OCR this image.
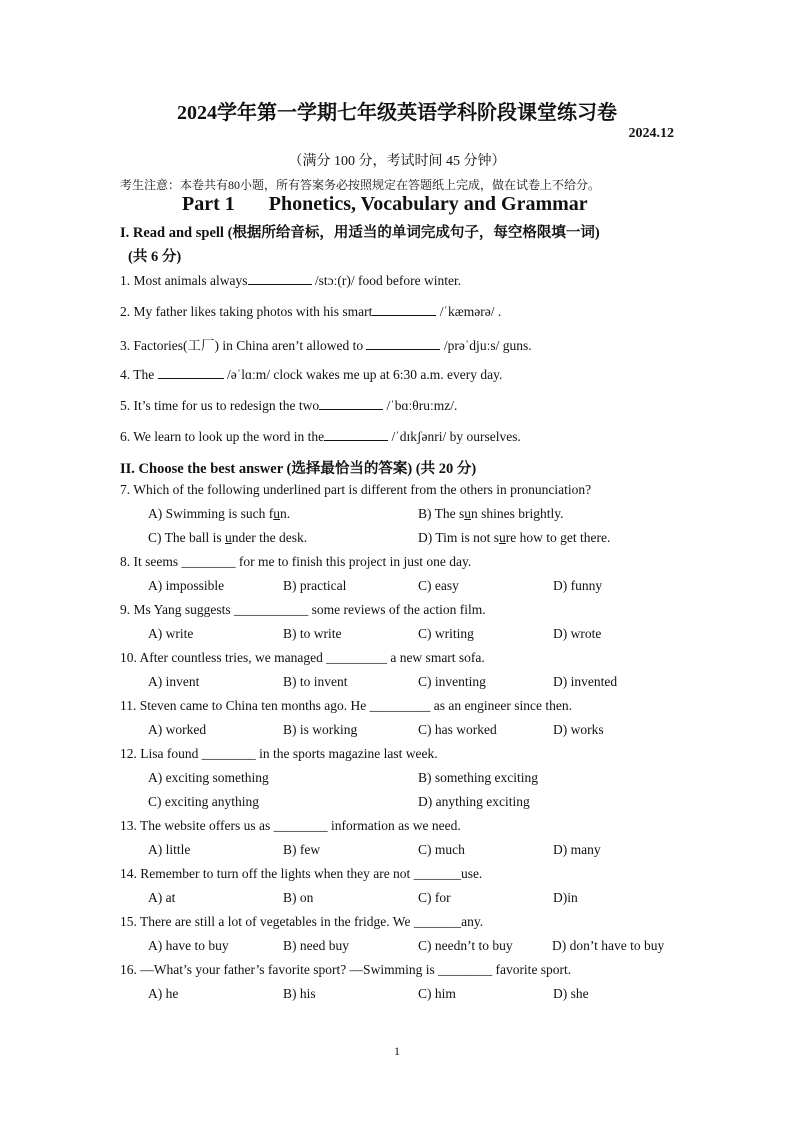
2024学年第一学期七年级英语学科阶段课堂练习卷
2024.12
（满分 100 分，考试时间 45 分钟）
考生注意：本卷共有80小题，所有答案务必按照规定在答题纸上完成，做在试卷上不给分。
Part 1 Phonetics, Vocabulary and Grammar
I. Read and spell (根据所给音标，用适当的单词完成句子，每空格限填一词)
(共 6 分)
1. Most animals always	/stɔː(r)/ food before winter.
2. My father likes taking photos with his smart	/ˈkæmərə/ .
3. Factories(工厂) in China aren’t allowed to	/prəˈdjuːs/ guns.
4. The	/əˈlɑːm/ clock wakes me up at 6:30 a.m. every day.
5. It’s time for us to redesign the two	/ˈbɑːθruːmz/.
6. We learn to look up the word in the	/ˈdɪkʃənri/ by ourselves.
II. Choose the best answer (选择最恰当的答案) (共 20 分)
7. Which of the following underlined part is different from the others in pronunciation?
A) Swimming is such fun.	B) The sun shines brightly.
C) The ball is under the desk.	D) Tim is not sure how to get there.
8. It seems ________ for me to finish this project in just one day.
A) impossible	B) practical	C) easy	D) funny
9. Ms Yang suggests ___________ some reviews of the action film.
A) write	B) to write	C) writing	D) wrote
10. After countless tries, we managed _________ a new smart sofa.
A) invent	B) to invent	C) inventing	D) invented
11. Steven came to China ten months ago. He _________ as an engineer since then.
A) worked	B) is working	C) has worked	D) works
12. Lisa found ________ in the sports magazine last week.
A) exciting something	B) something exciting
C) exciting anything	D) anything exciting
13. The website offers us as ________ information as we need.
A) little	B) few	C) much	D) many
14. Remember to turn off the lights when they are not _______use.
A) at	B) on	C) for	D)in
15. There are still a lot of vegetables in the fridge. We _______any.
A) have to buy	B) need buy	C) needn’t to buy	D) don’t have to buy
16. —What’s your father’s favorite sport? —Swimming is ________ favorite sport.
A) he	B) his	C) him	D) she
1
